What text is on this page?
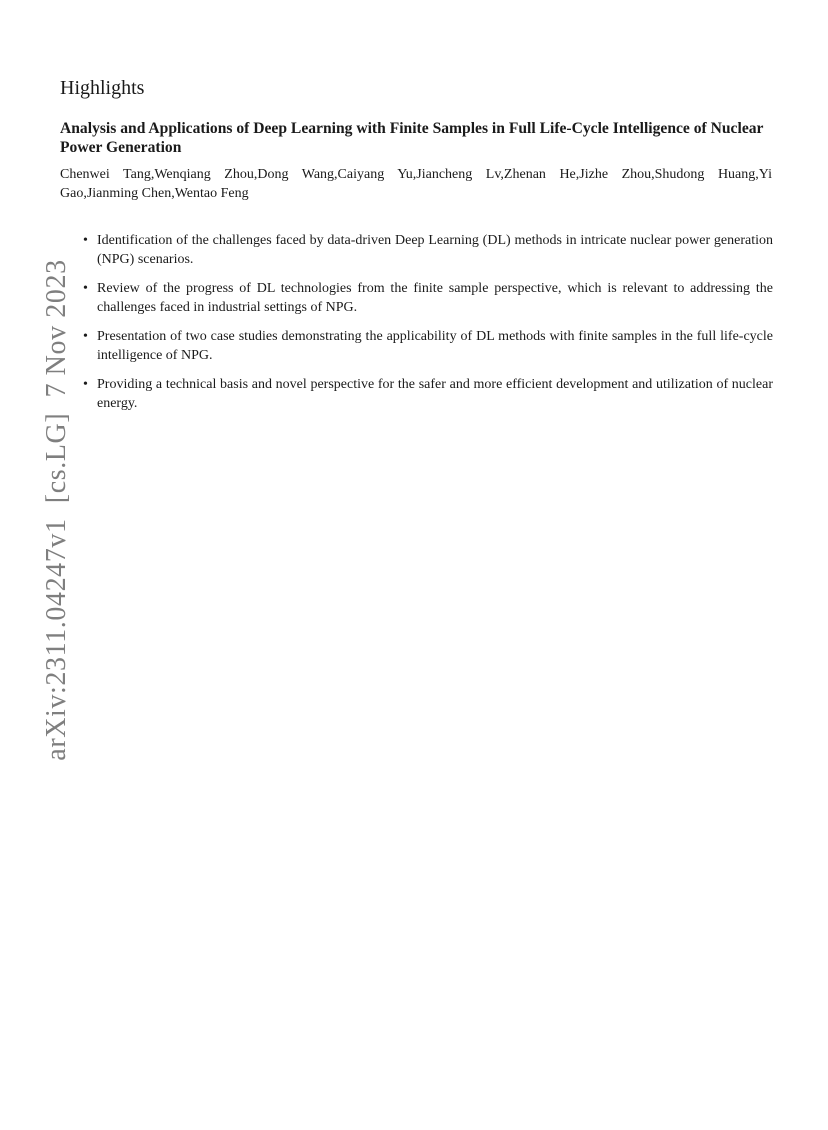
Highlights
Analysis and Applications of Deep Learning with Finite Samples in Full Life-Cycle Intelligence of Nuclear Power Generation

Chenwei Tang,Wenqiang Zhou,Dong Wang,Caiyang Yu,Jiancheng Lv,Zhenan He,Jizhe Zhou,Shudong Huang,Yi Gao,Jianming Chen,Wentao Feng

• Identification of the challenges faced by data-driven Deep Learning (DL) methods in intricate nuclear power generation (NPG) scenarios.
• Review of the progress of DL technologies from the finite sample perspective, which is relevant to addressing the challenges faced in industrial settings of NPG.
• Presentation of two case studies demonstrating the applicability of DL methods with finite samples in the full life-cycle intelligence of NPG.
• Providing a technical basis and novel perspective for the safer and more efficient development and utilization of nuclear energy.
arXiv:2311.04247v1  [cs.LG]  7 Nov 2023
